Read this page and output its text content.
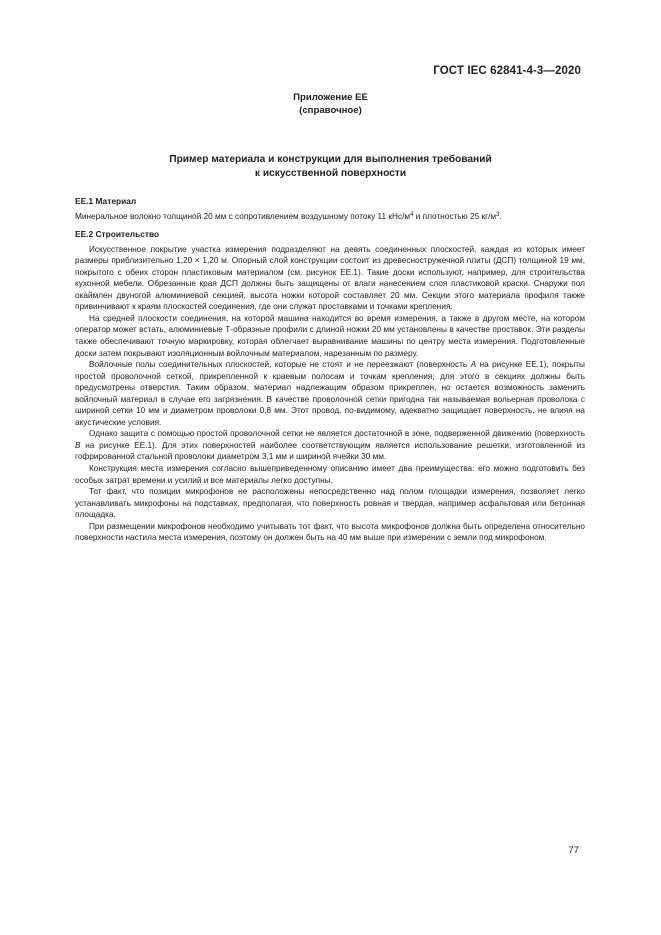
ГОСТ IEC 62841-4-3—2020
Приложение ЕЕ
(справочное)
Пример материала и конструкции для выполнения требований
к искусственной поверхности
ЕЕ.1 Материал

Минеральное волокно толщиной 20 мм с сопротивлением воздушному потоку 11 кНс/$м^4$ и плотностью 25 $кг/м^3$.

ЕЕ.2 Строительство

Искусственное покрытие участка измерения подразделяют на девять соединенных плоскостей, каждая из которых имеет размеры приблизительно 1,20 × 1,20 м. Опорный слой конструкции состоит из древесностружечной плиты (ДСП) толщиной 19 мм, покрытого с обеих сторон пластиковым материалом (см. рисунок ЕЕ.1). Такие доски используют, например, для строительства кухонной мебели. Обрезанные края ДСП должны быть защищены от влаги нанесением слоя пластиковой краски. Снаружи пол окаймлен двуногой алюминиевой секцией, высота ножки которой составляет 20 мм. Секции этого материала профиля также привинчивают к краям плоскостей соединения, где они служат проставками и точками крепления.

На средней плоскости соединения, на которой машина находится во время измерения, а также в другом месте, на котором оператор может встать, алюминиевые Т-образные профили с длиной ножки 20 мм установлены в качестве проставок. Эти разделы также обеспечивают точную маркировку, которая облегчает выравнивание машины по центру места измерения. Подготовленные доски затем покрывают изоляционным войлочным материалом, нарезанным по размеру.

Войлочные полы соединительных плоскостей, которые не стоят и не переезжают (поверхность А на рисунке ЕЕ.1), покрыты простой проволочной сеткой, прикрепленной к краевым полосам и точкам крепления; для этого в секциях должны быть предусмотрены отверстия. Таким образом, материал надлежащим образом прикреплен, но остается возможность заменить войлочный материал в случае его загрязнения. В качестве проволочной сетки пригодна так называемая вольерная проволока с шириной сетки 10 мм и диаметром проволоки 0,8 мм. Этот провод, по-видимому, адекватно защищает поверхность, не влияя на акустические условия.

Однако защита с помощью простой проволочной сетки не является достаточной в зоне, подверженной движению (поверхность В на рисунке ЕЕ.1). Для этих поверхностей наиболее соответствующим является использование решетки, изготовленной из гофрированной стальной проволоки диаметром 3,1 мм и шириной ячейки 30 мм.

Конструкция места измерения согласно вышеприведенному описанию имеет два преимущества: его можно подготовить без особых затрат времени и усилий и все материалы легко доступны.

Тот факт, что позиции микрофонов не расположены непосредственно над полом площадки измерения, позволяет легко устанавливать микрофоны на подставках, предполагая, что поверхность ровная и твердая, например асфальтовая или бетонная площадка.

При размещении микрофонов необходимо учитывать тот факт, что высота микрофонов должна быть определена относительно поверхности настила места измерения, поэтому он должен быть на 40 мм выше при измерении с земли под микрофоном.

77
